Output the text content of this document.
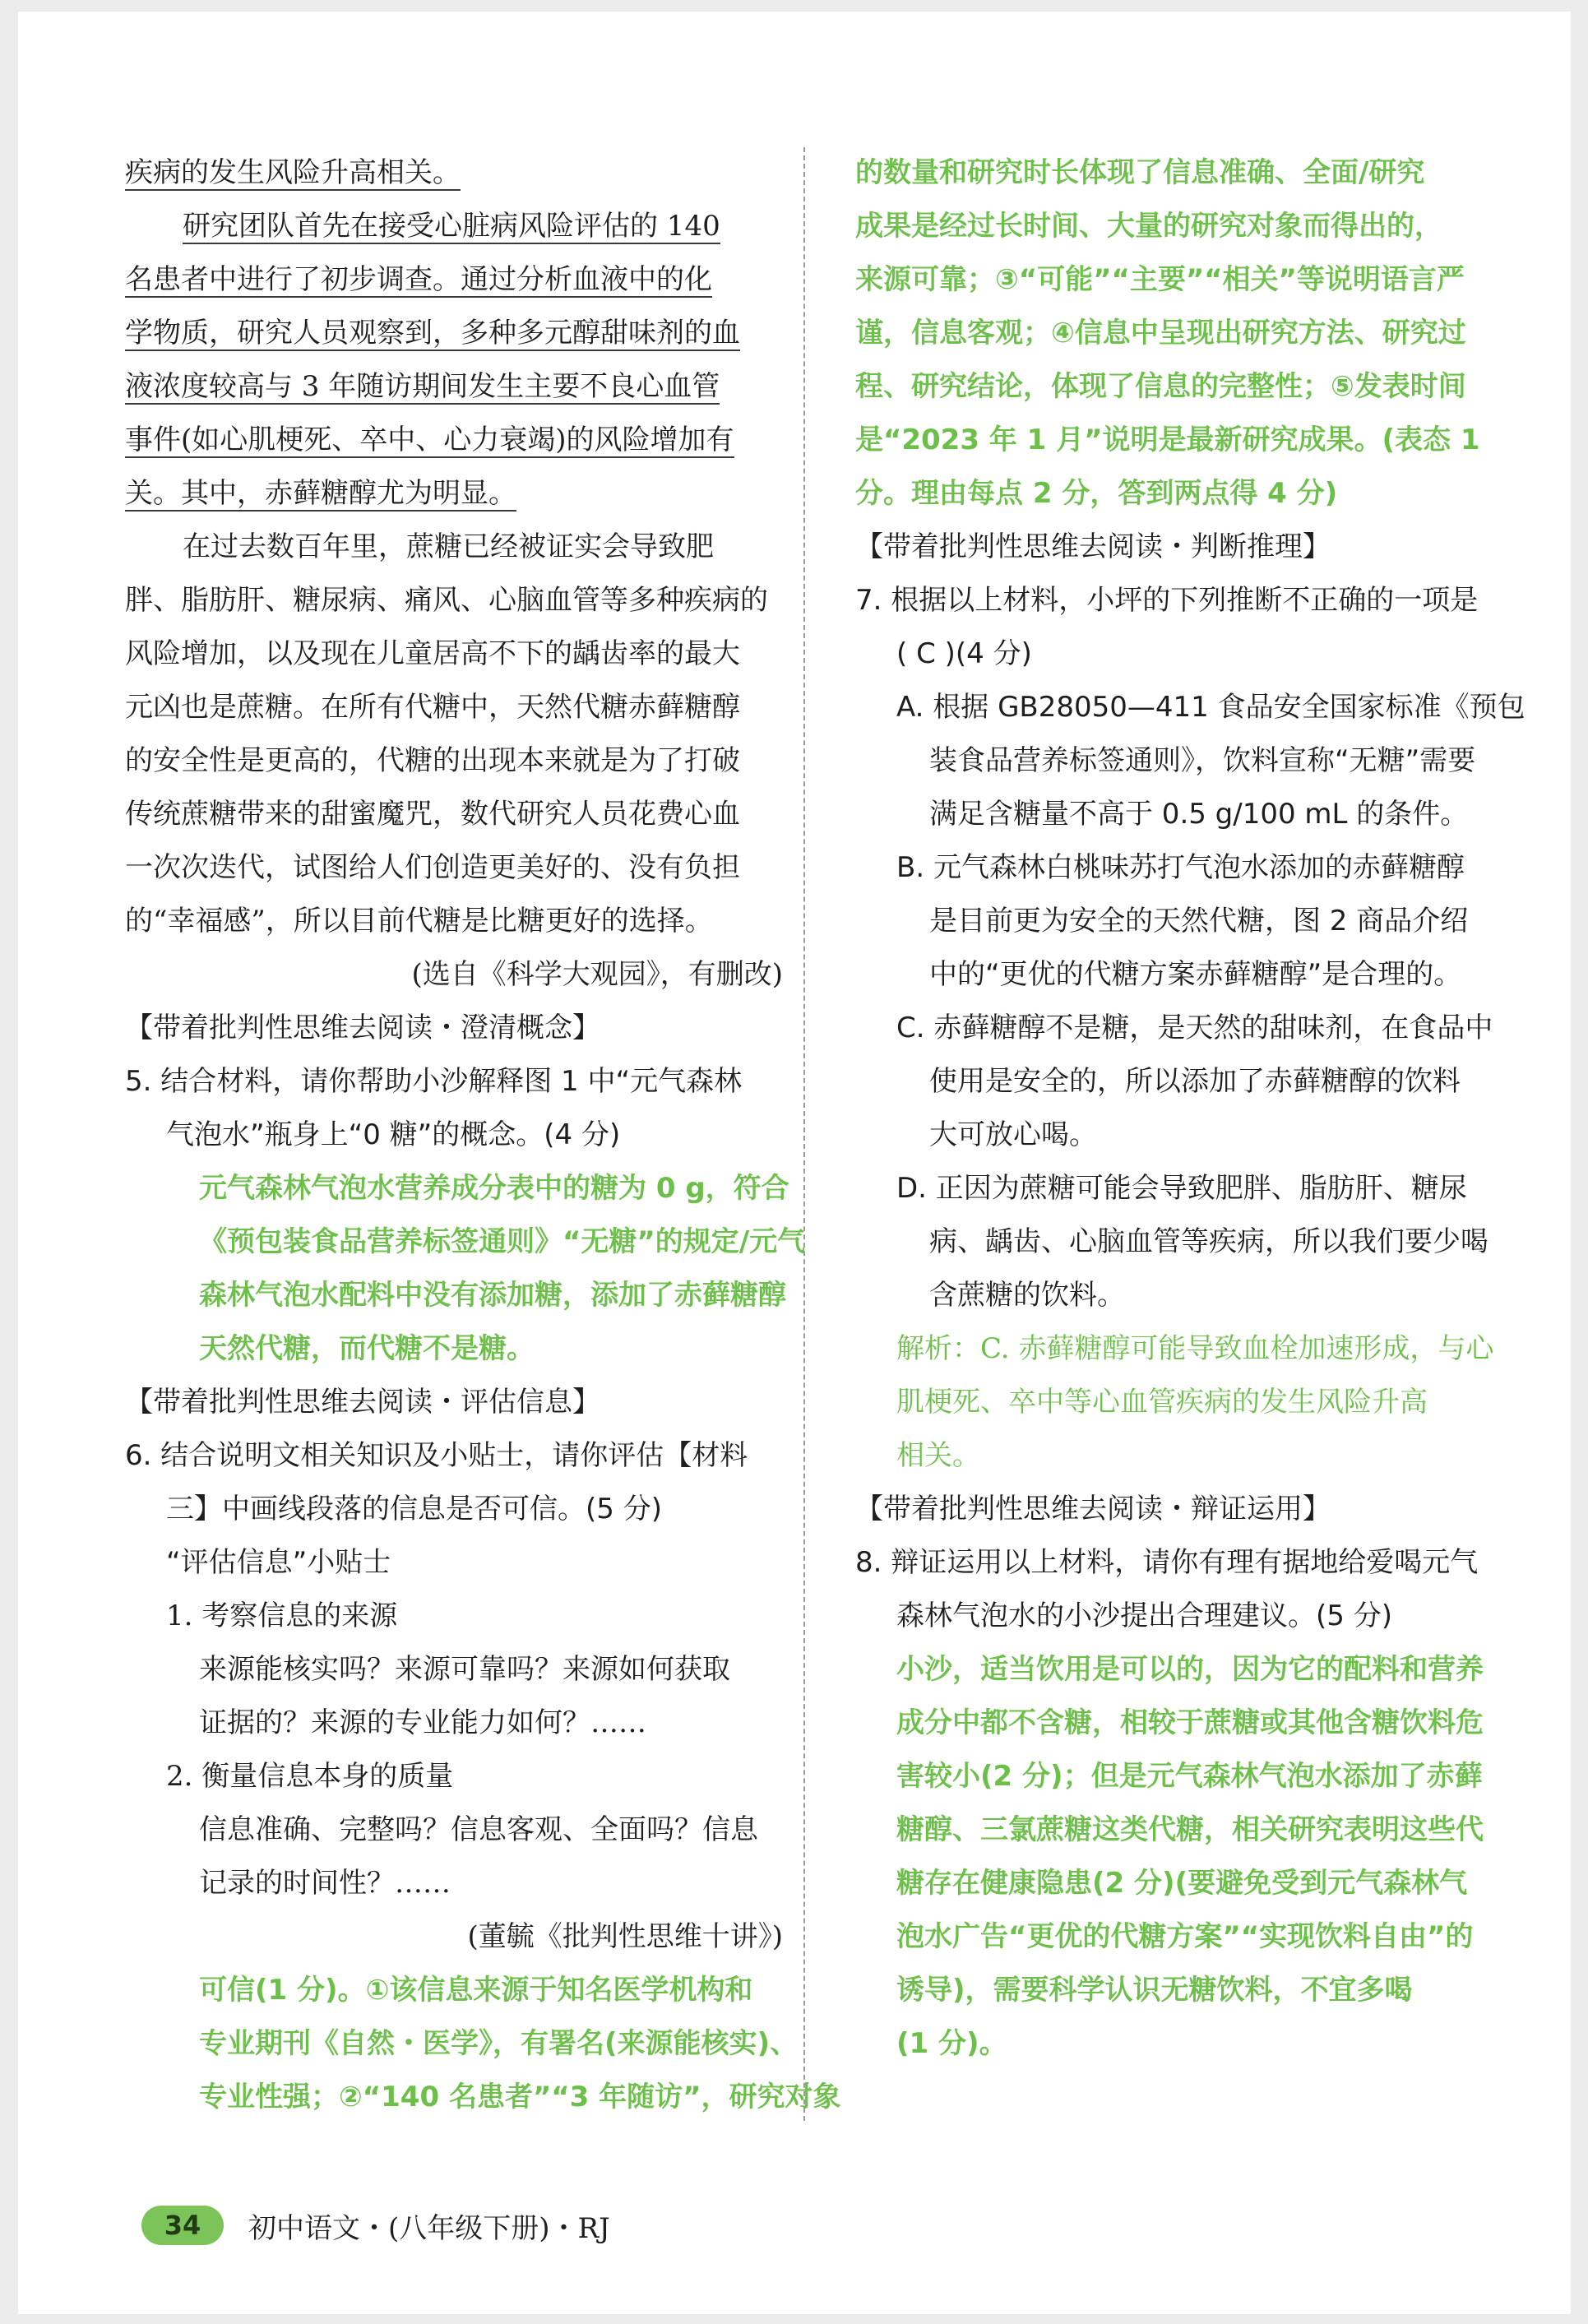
疾病的发生风险升高相关。
研究团队首先在接受心脏病风险评估的 140
名患者中进行了初步调查。通过分析血液中的化
学物质，研究人员观察到，多种多元醇甜味剂的血
液浓度较高与 3 年随访期间发生主要不良心血管
事件(如心肌梗死、卒中、心力衰竭)的风险增加有
关。其中，赤藓糖醇尤为明显。
在过去数百年里，蔗糖已经被证实会导致肥
胖、脂肪肝、糖尿病、痛风、心脑血管等多种疾病的
风险增加，以及现在儿童居高不下的龋齿率的最大
元凶也是蔗糖。在所有代糖中，天然代糖赤藓糖醇
的安全性是更高的，代糖的出现本来就是为了打破
传统蔗糖带来的甜蜜魔咒，数代研究人员花费心血
一次次迭代，试图给人们创造更美好的、没有负担
的“幸福感”，所以目前代糖是比糖更好的选择。
(选自《科学大观园》，有删改)
【带着批判性思维去阅读・澄清概念】
5. 结合材料，请你帮助小沙解释图 1 中“元气森林
气泡水”瓶身上“0 糖”的概念。(4 分)
元气森林气泡水营养成分表中的糖为 0 g，符合
《预包装食品营养标签通则》“无糖”的规定/元气
森林气泡水配料中没有添加糖，添加了赤藓糖醇
天然代糖，而代糖不是糖。
【带着批判性思维去阅读・评估信息】
6. 结合说明文相关知识及小贴士，请你评估【材料
三】中画线段落的信息是否可信。(5 分)
“评估信息”小贴士
1. 考察信息的来源
来源能核实吗？来源可靠吗？来源如何获取
证据的？来源的专业能力如何？……
2. 衡量信息本身的质量
信息准确、完整吗？信息客观、全面吗？信息
记录的时间性？……
(董毓《批判性思维十讲》)
可信(1 分)。①该信息来源于知名医学机构和
专业期刊《自然・医学》，有署名(来源能核实)、
专业性强；②“140 名患者”“3 年随访”，研究对象
的数量和研究时长体现了信息准确、全面/研究
成果是经过长时间、大量的研究对象而得出的，
来源可靠；③“可能”“主要”“相关”等说明语言严
谨，信息客观；④信息中呈现出研究方法、研究过
程、研究结论，体现了信息的完整性；⑤发表时间
是“2023 年 1 月”说明是最新研究成果。(表态 1
分。理由每点 2 分，答到两点得 4 分)
【带着批判性思维去阅读・判断推理】
7. 根据以上材料，小坪的下列推断不正确的一项是
( C )(4 分)
A. 根据 GB28050—411 食品安全国家标准《预包
装食品营养标签通则》，饮料宣称“无糖”需要
满足含糖量不高于 0.5 g/100 mL 的条件。
B. 元气森林白桃味苏打气泡水添加的赤藓糖醇
是目前更为安全的天然代糖，图 2 商品介绍
中的“更优的代糖方案赤藓糖醇”是合理的。
C. 赤藓糖醇不是糖，是天然的甜味剂，在食品中
使用是安全的，所以添加了赤藓糖醇的饮料
大可放心喝。
D. 正因为蔗糖可能会导致肥胖、脂肪肝、糖尿
病、龋齿、心脑血管等疾病，所以我们要少喝
含蔗糖的饮料。
解析：C. 赤藓糖醇可能导致血栓加速形成，与心
肌梗死、卒中等心血管疾病的发生风险升高
相关。
【带着批判性思维去阅读・辩证运用】
8. 辩证运用以上材料，请你有理有据地给爱喝元气
森林气泡水的小沙提出合理建议。(5 分)
小沙，适当饮用是可以的，因为它的配料和营养
成分中都不含糖，相较于蔗糖或其他含糖饮料危
害较小(2 分)；但是元气森林气泡水添加了赤藓
糖醇、三氯蔗糖这类代糖，相关研究表明这些代
糖存在健康隐患(2 分)(要避免受到元气森林气
泡水广告“更优的代糖方案”“实现饮料自由”的
诱导)，需要科学认识无糖饮料，不宜多喝
(1 分)。
34	初中语文・(八年级下册)・RJ
